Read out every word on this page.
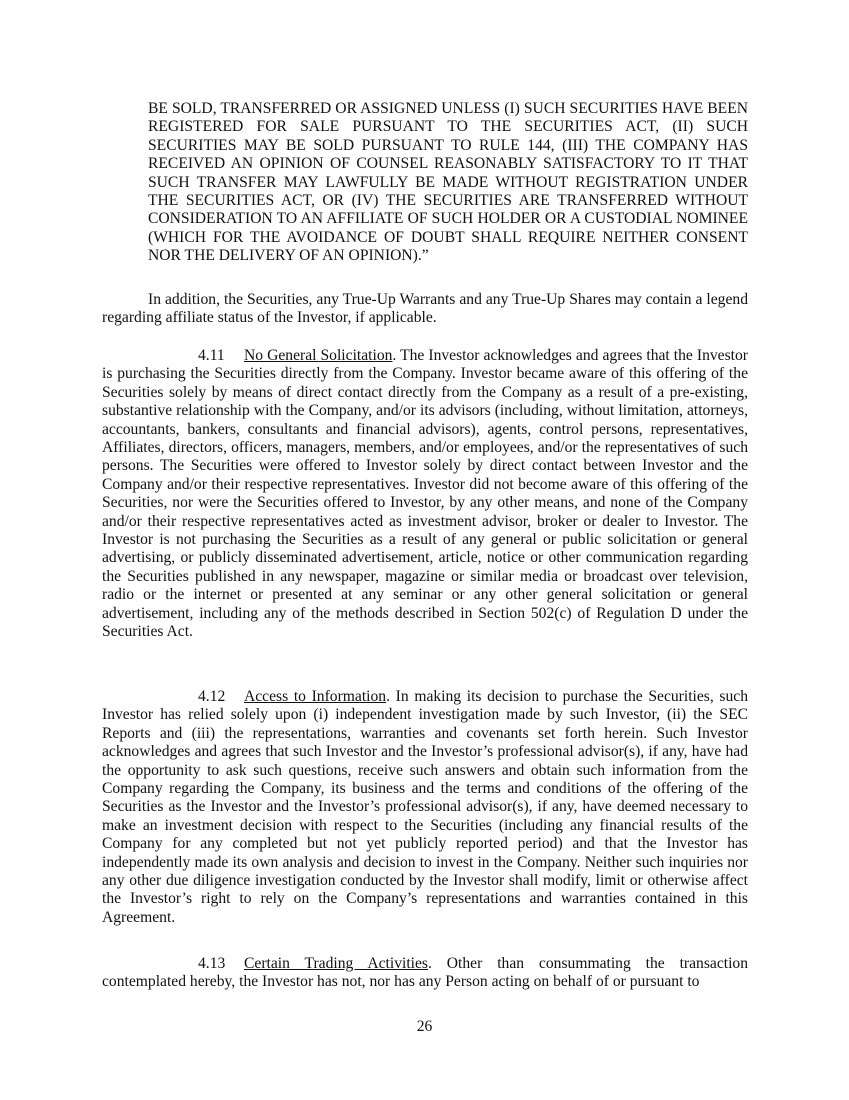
BE SOLD, TRANSFERRED OR ASSIGNED UNLESS (I) SUCH SECURITIES HAVE BEEN REGISTERED FOR SALE PURSUANT TO THE SECURITIES ACT, (II) SUCH SECURITIES MAY BE SOLD PURSUANT TO RULE 144, (III) THE COMPANY HAS RECEIVED AN OPINION OF COUNSEL REASONABLY SATISFACTORY TO IT THAT SUCH TRANSFER MAY LAWFULLY BE MADE WITHOUT REGISTRATION UNDER THE SECURITIES ACT, OR (IV) THE SECURITIES ARE TRANSFERRED WITHOUT CONSIDERATION TO AN AFFILIATE OF SUCH HOLDER OR A CUSTODIAL NOMINEE (WHICH FOR THE AVOIDANCE OF DOUBT SHALL REQUIRE NEITHER CONSENT NOR THE DELIVERY OF AN OPINION).”

In addition, the Securities, any True-Up Warrants and any True-Up Shares may contain a legend regarding affiliate status of the Investor, if applicable.

4.11 No General Solicitation. The Investor acknowledges and agrees that the Investor is purchasing the Securities directly from the Company. Investor became aware of this offering of the Securities solely by means of direct contact directly from the Company as a result of a pre-existing, substantive relationship with the Company, and/or its advisors (including, without limitation, attorneys, accountants, bankers, consultants and financial advisors), agents, control persons, representatives, Affiliates, directors, officers, managers, members, and/or employees, and/or the representatives of such persons. The Securities were offered to Investor solely by direct contact between Investor and the Company and/or their respective representatives. Investor did not become aware of this offering of the Securities, nor were the Securities offered to Investor, by any other means, and none of the Company and/or their respective representatives acted as investment advisor, broker or dealer to Investor. The Investor is not purchasing the Securities as a result of any general or public solicitation or general advertising, or publicly disseminated advertisement, article, notice or other communication regarding the Securities published in any newspaper, magazine or similar media or broadcast over television, radio or the internet or presented at any seminar or any other general solicitation or general advertisement, including any of the methods described in Section 502(c) of Regulation D under the Securities Act.

4.12 Access to Information. In making its decision to purchase the Securities, such Investor has relied solely upon (i) independent investigation made by such Investor, (ii) the SEC Reports and (iii) the representations, warranties and covenants set forth herein. Such Investor acknowledges and agrees that such Investor and the Investor’s professional advisor(s), if any, have had the opportunity to ask such questions, receive such answers and obtain such information from the Company regarding the Company, its business and the terms and conditions of the offering of the Securities as the Investor and the Investor’s professional advisor(s), if any, have deemed necessary to make an investment decision with respect to the Securities (including any financial results of the Company for any completed but not yet publicly reported period) and that the Investor has independently made its own analysis and decision to invest in the Company. Neither such inquiries nor any other due diligence investigation conducted by the Investor shall modify, limit or otherwise affect the Investor’s right to rely on the Company’s representations and warranties contained in this Agreement.

4.13 Certain Trading Activities. Other than consummating the transaction contemplated hereby, the Investor has not, nor has any Person acting on behalf of or pursuant to

26
